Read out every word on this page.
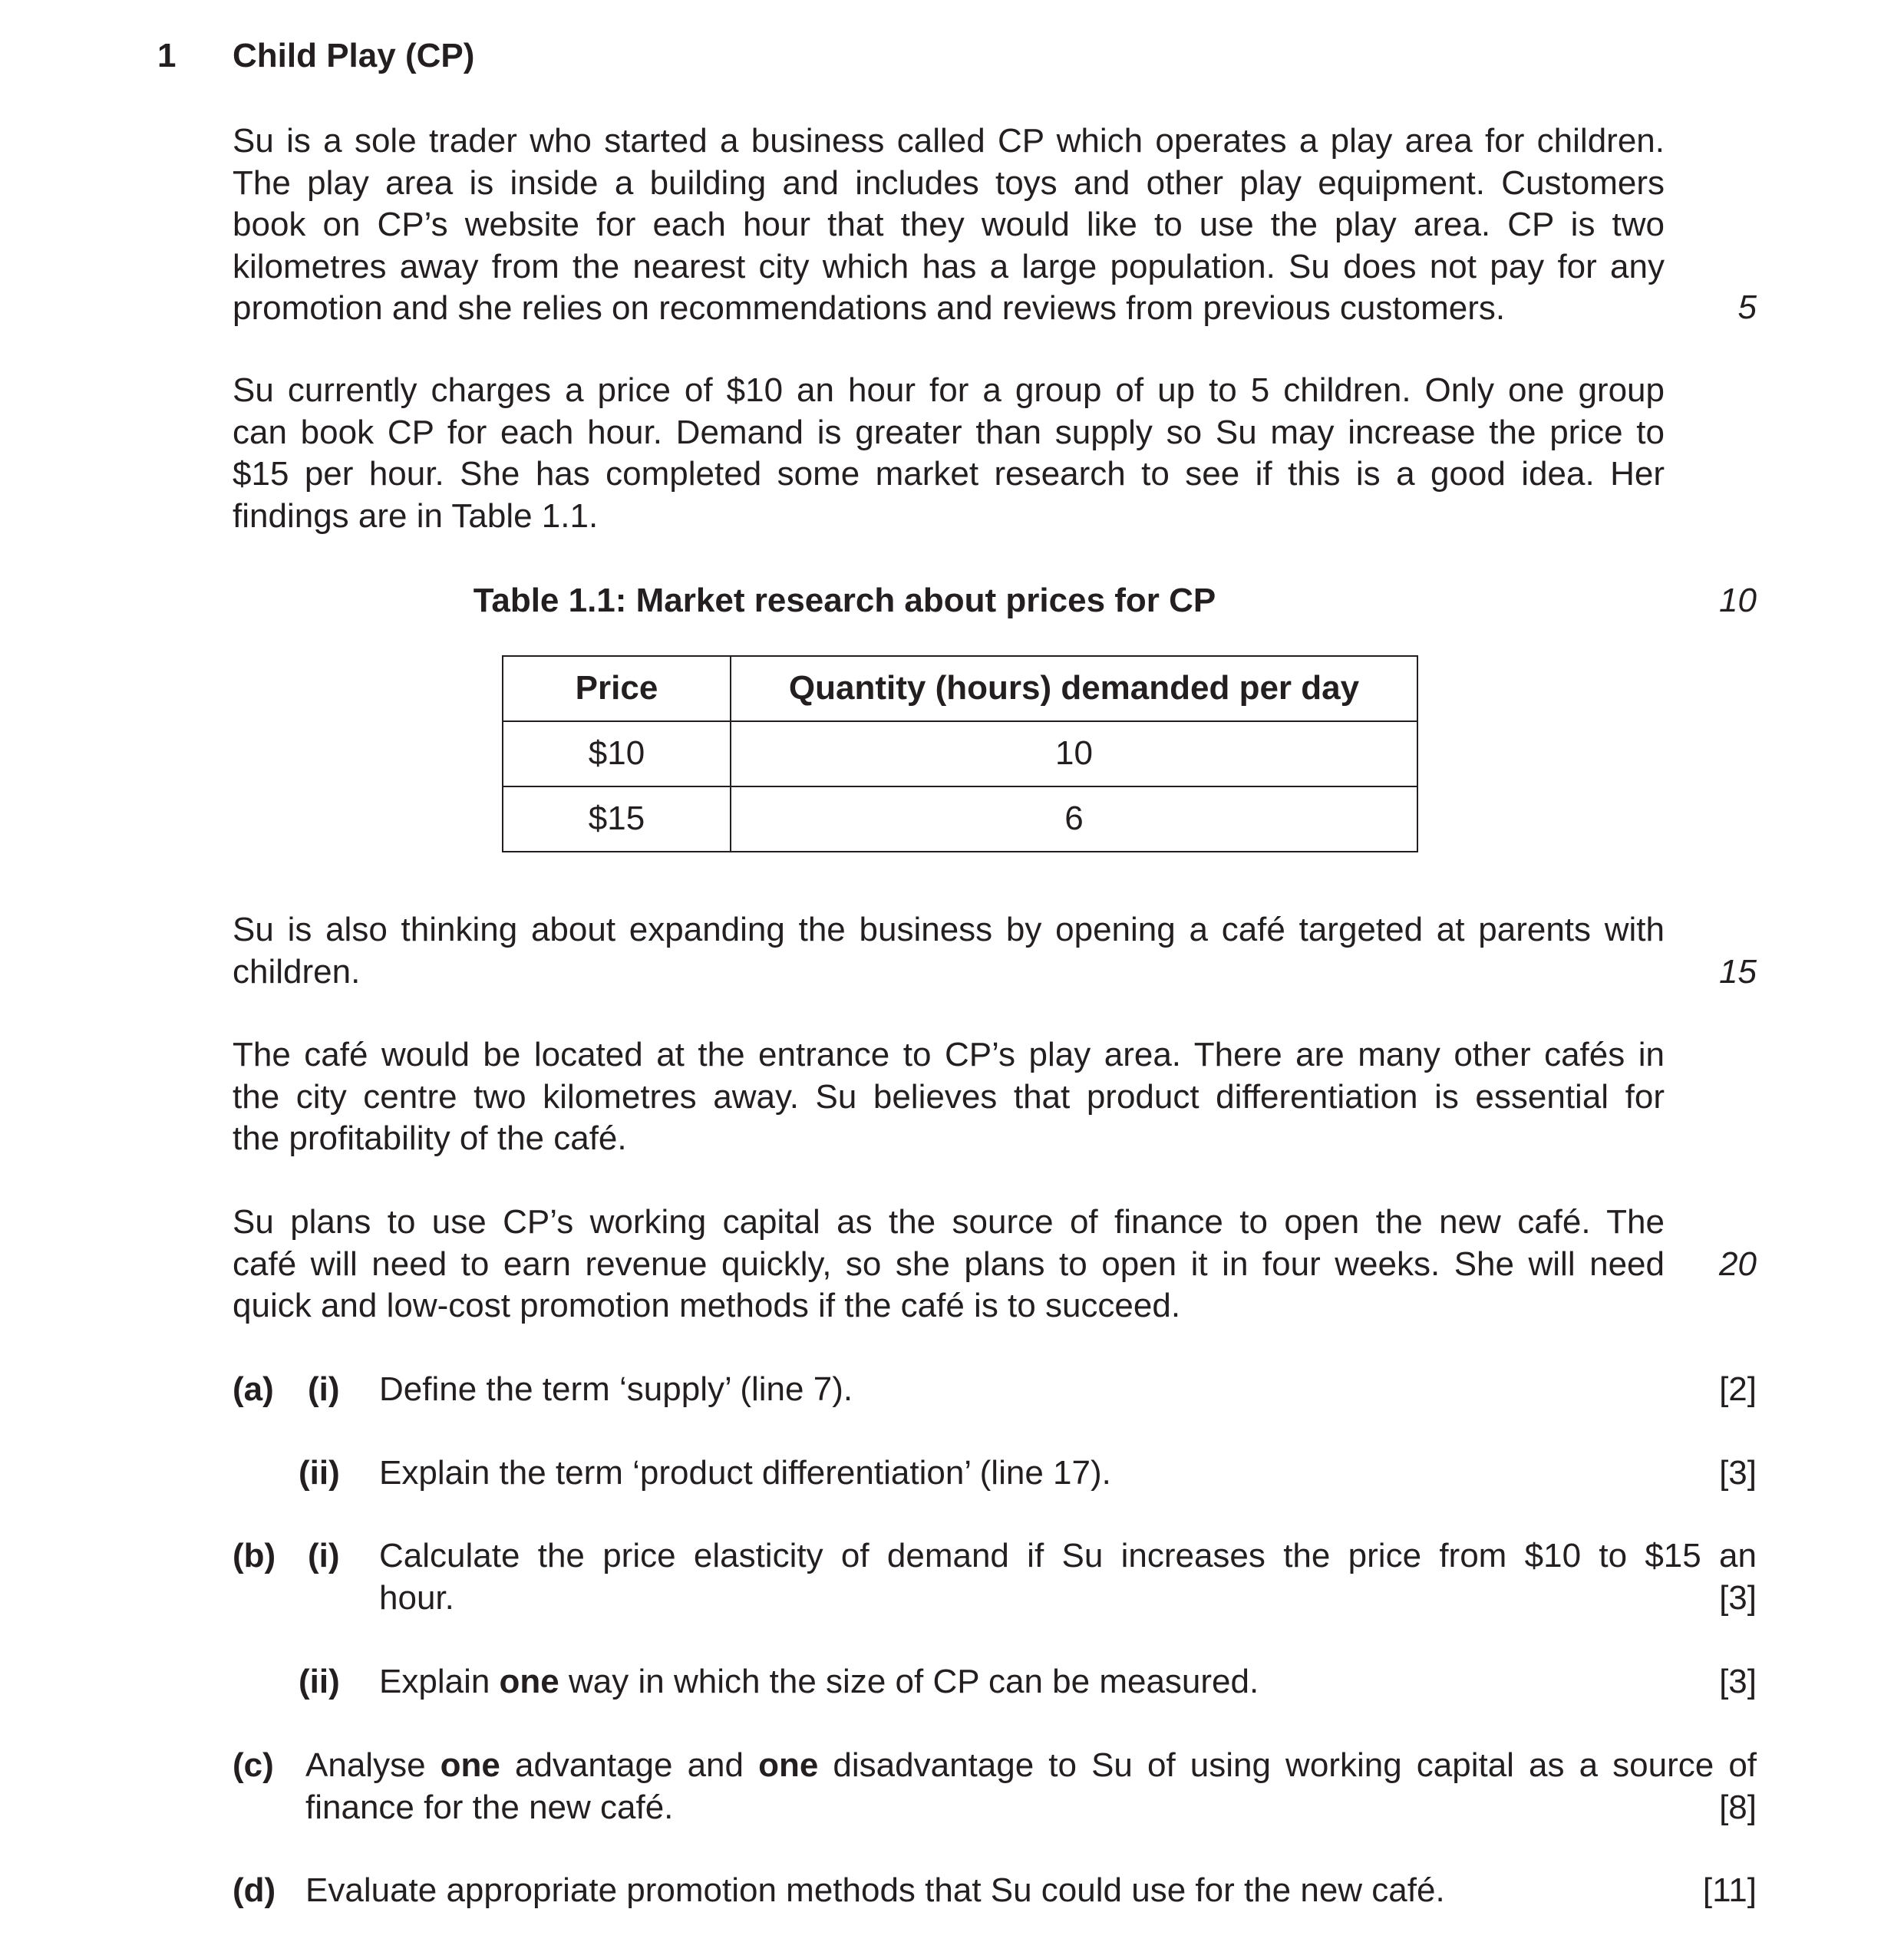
1 Child Play (CP)
Su is a sole trader who started a business called CP which operates a play area for children.
The play area is inside a building and includes toys and other play equipment. Customers
book on CP’s website for each hour that they would like to use the play area. CP is two
kilometres away from the nearest city which has a large population. Su does not pay for any
promotion and she relies on recommendations and reviews from previous customers.	5
Su currently charges a price of $10 an hour for a group of up to 5 children. Only one group
can book CP for each hour. Demand is greater than supply so Su may increase the price to
$15 per hour. She has completed some market research to see if this is a good idea. Her
findings are in Table 1.1.
Table 1.1: Market research about prices for CP	10
Price	Quantity (hours) demanded per day
$10	10
$15	6
Su is also thinking about expanding the business by opening a café targeted at parents with
children.	15
The café would be located at the entrance to CP’s play area. There are many other cafés in
the city centre two kilometres away. Su believes that product differentiation is essential for
the profitability of the café.
Su plans to use CP’s working capital as the source of finance to open the new café. The
café will need to earn revenue quickly, so she plans to open it in four weeks. She will need
quick and low-cost promotion methods if the café is to succeed.
20
(a) (i) Define the term ‘supply’ (line 7).	[2]
(ii) Explain the term ‘product differentiation’ (line 17).	[3]
(b) (i) Calculate the price elasticity of demand if Su increases the price from $10 to $15 an
hour.	[3]
(ii) Explain one way in which the size of CP can be measured.	[3]
(c) Analyse one advantage and one disadvantage to Su of using working capital as a source of
finance for the new café.	[8]
(d) Evaluate appropriate promotion methods that Su could use for the new café.	[11]
